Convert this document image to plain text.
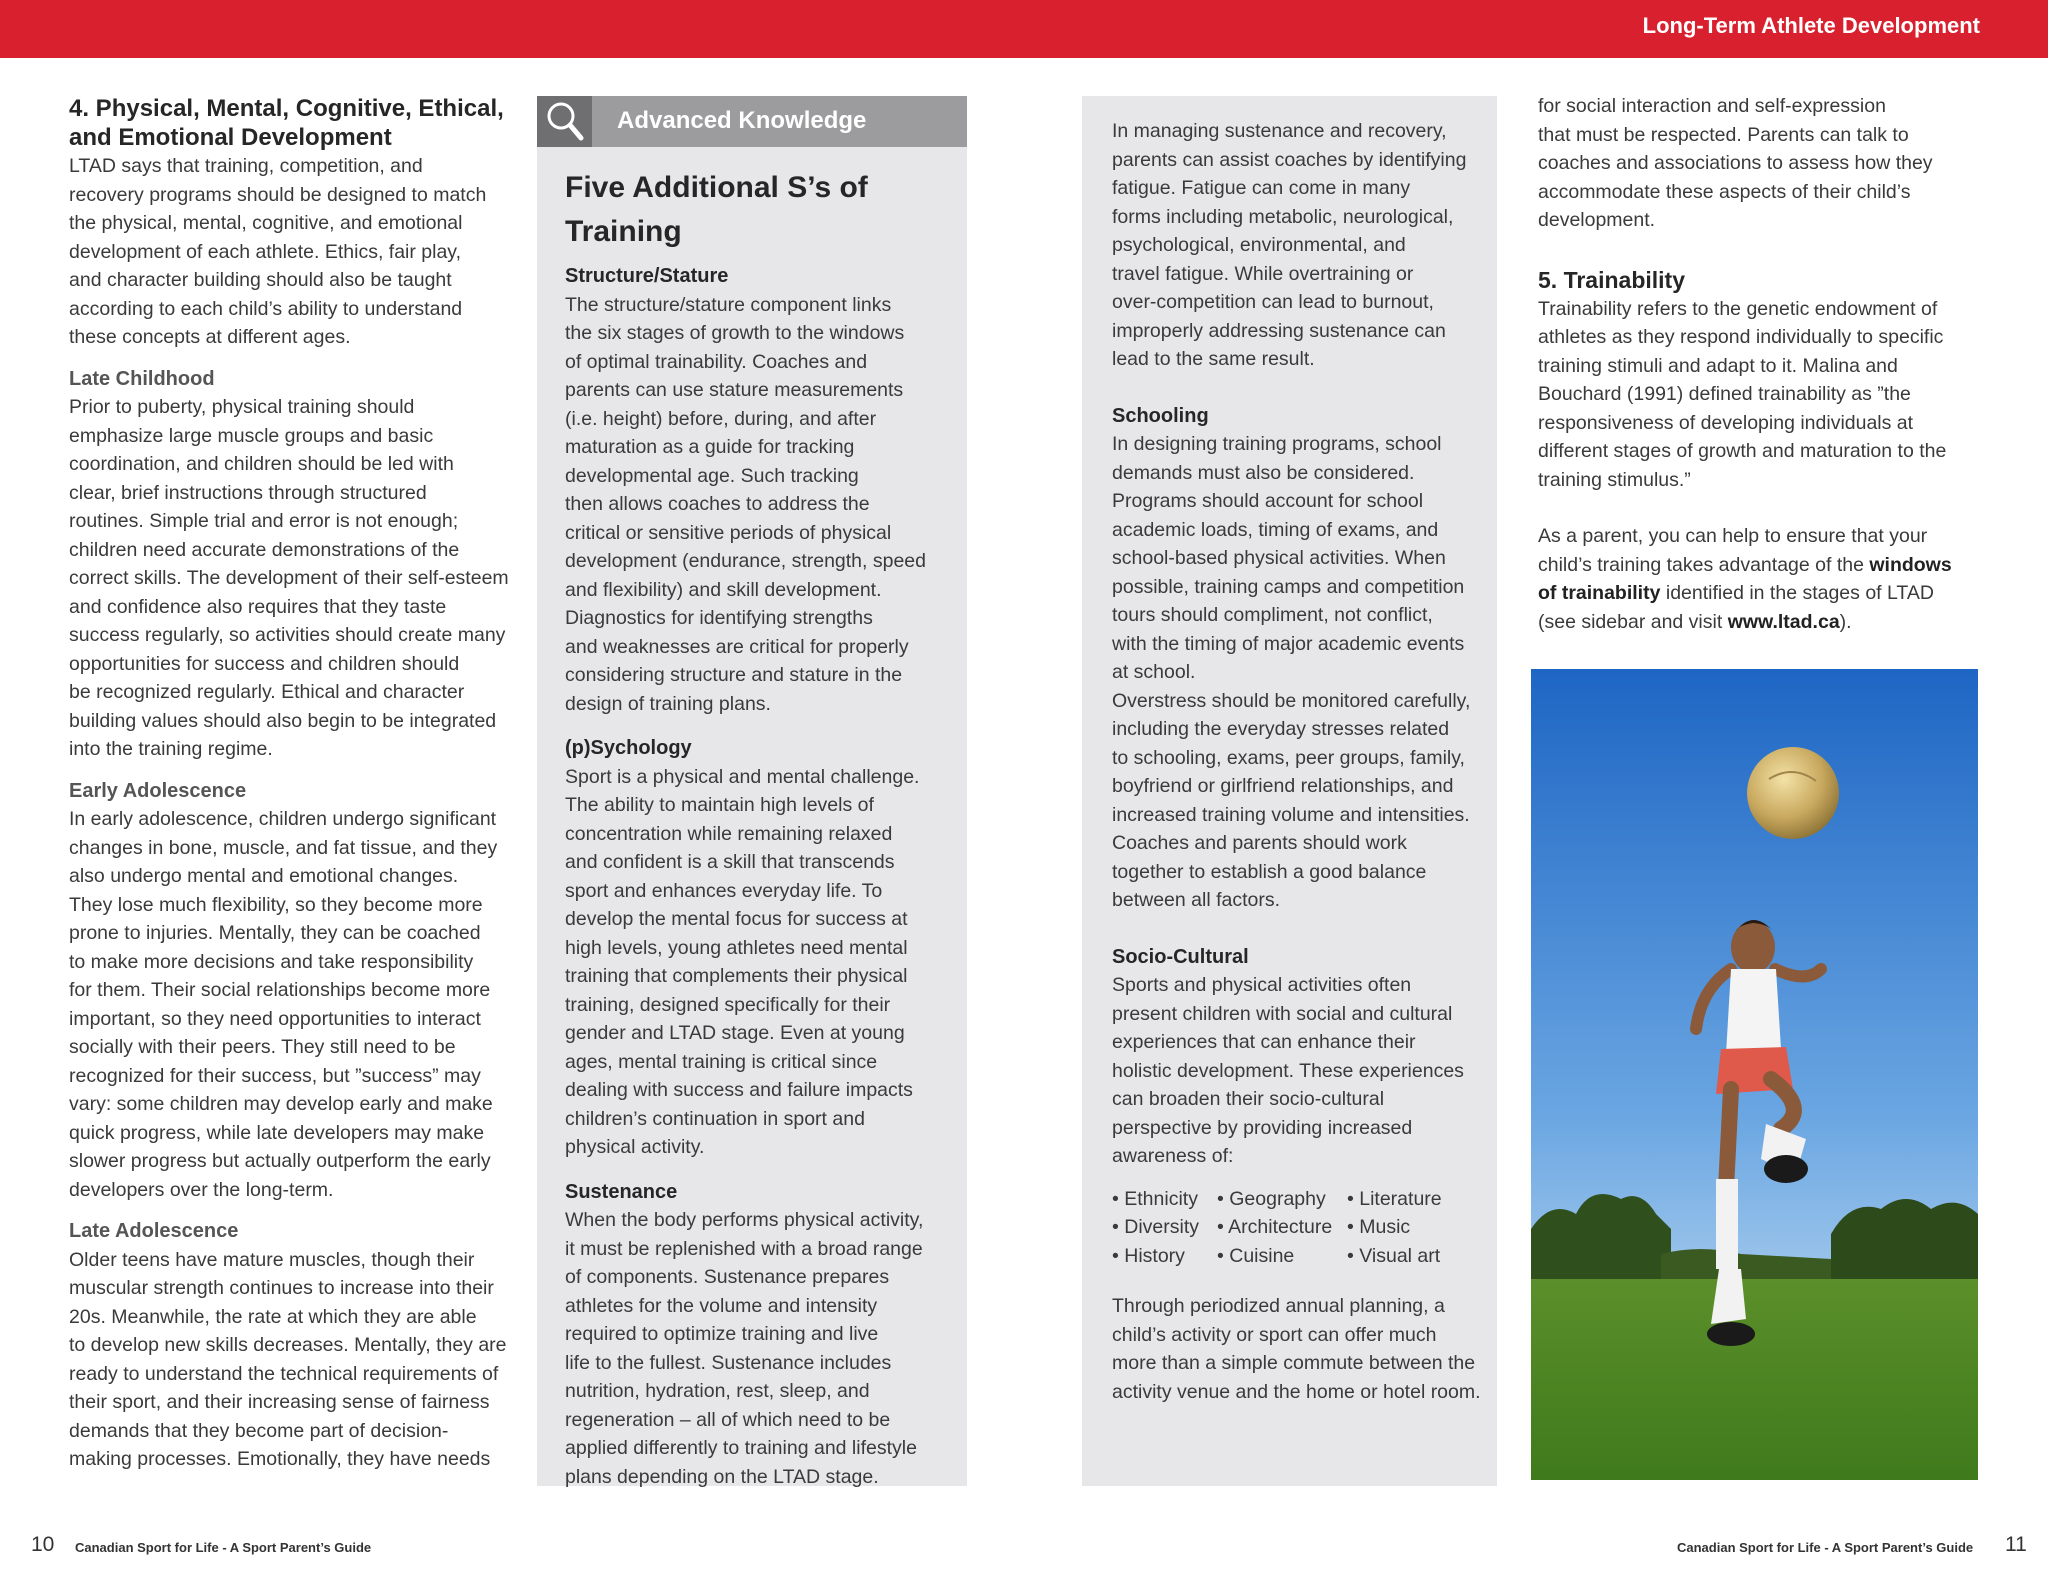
Long-Term Athlete Development
4. Physical, Mental, Cognitive, Ethical,
and Emotional Development

LTAD says that training, competition, and
recovery programs should be designed to match
the physical, mental, cognitive, and emotional
development of each athlete. Ethics, fair play,
and character building should also be taught
according to each child’s ability to understand
these concepts at different ages.

Late Childhood

Prior to puberty, physical training should
emphasize large muscle groups and basic
coordination, and children should be led with
clear, brief instructions through structured
routines. Simple trial and error is not enough;
children need accurate demonstrations of the
correct skills. The development of their self-esteem
and confidence also requires that they taste
success regularly, so activities should create many
opportunities for success and children should
be recognized regularly. Ethical and character
building values should also begin to be integrated
into the training regime.

Early Adolescence

In early adolescence, children undergo significant
changes in bone, muscle, and fat tissue, and they
also undergo mental and emotional changes.
They lose much flexibility, so they become more
prone to injuries. Mentally, they can be coached
to make more decisions and take responsibility
for them. Their social relationships become more
important, so they need opportunities to interact
socially with their peers. They still need to be
recognized for their success, but ”success” may
vary: some children may develop early and make
quick progress, while late developers may make
slower progress but actually outperform the early
developers over the long-term.

Late Adolescence

Older teens have mature muscles, though their
muscular strength continues to increase into their
20s. Meanwhile, the rate at which they are able
to develop new skills decreases. Mentally, they are
ready to understand the technical requirements of
their sport, and their increasing sense of fairness
demands that they become part of decision-
making processes. Emotionally, they have needs

Advanced Knowledge
Five Additional S’s of Training
Structure/Stature

The structure/stature component links
the six stages of growth to the windows
of optimal trainability. Coaches and
parents can use stature measurements
(i.e. height) before, during, and after
maturation as a guide for tracking
developmental age. Such tracking
then allows coaches to address the
critical or sensitive periods of physical
development (endurance, strength, speed
and flexibility) and skill development.
Diagnostics for identifying strengths
and weaknesses are critical for properly
considering structure and stature in the
design of training plans.

(p)Sychology

Sport is a physical and mental challenge.
The ability to maintain high levels of
concentration while remaining relaxed
and confident is a skill that transcends
sport and enhances everyday life. To
develop the mental focus for success at
high levels, young athletes need mental
training that complements their physical
training, designed specifically for their
gender and LTAD stage. Even at young
ages, mental training is critical since
dealing with success and failure impacts
children’s continuation in sport and
physical activity.

Sustenance

When the body performs physical activity,
it must be replenished with a broad range
of components. Sustenance prepares
athletes for the volume and intensity
required to optimize training and live
life to the fullest. Sustenance includes
nutrition, hydration, rest, sleep, and
regeneration – all of which need to be
applied differently to training and lifestyle
plans depending on the LTAD stage.

In managing sustenance and recovery,
parents can assist coaches by identifying
fatigue. Fatigue can come in many
forms including metabolic, neurological,
psychological, environmental, and
travel fatigue. While overtraining or
over-competition can lead to burnout,
improperly addressing sustenance can
lead to the same result.

Schooling

In designing training programs, school
demands must also be considered.
Programs should account for school
academic loads, timing of exams, and
school-based physical activities. When
possible, training camps and competition
tours should compliment, not conflict,
with the timing of major academic events
at school.
Overstress should be monitored carefully,
including the everyday stresses related
to schooling, exams, peer groups, family,
boyfriend or girlfriend relationships, and
increased training volume and intensities.
Coaches and parents should work
together to establish a good balance
between all factors.

Socio-Cultural

Sports and physical activities often
present children with social and cultural
experiences that can enhance their
holistic development. These experiences
can broaden their socio-cultural
perspective by providing increased
awareness of:

• Ethnicity
• Diversity
• History
• Geography
• Architecture
• Cuisine
• Literature
• Music
• Visual art

Through periodized annual planning, a
child’s activity or sport can offer much
more than a simple commute between the
activity venue and the home or hotel room.

for social interaction and self-expression
that must be respected. Parents can talk to
coaches and associations to assess how they
accommodate these aspects of their child’s
development.

5. Trainability

Trainability refers to the genetic endowment of
athletes as they respond individually to specific
training stimuli and adapt to it. Malina and
Bouchard (1991) defined trainability as ”the
responsiveness of developing individuals at
different stages of growth and maturation to the
training stimulus.”

As a parent, you can help to ensure that your
child’s training takes advantage of the windows
of trainability identified in the stages of LTAD
(see sidebar and visit www.ltad.ca).

10 Canadian Sport for Life - A Sport Parent’s Guide	Canadian Sport for Life - A Sport Parent’s Guide 11
